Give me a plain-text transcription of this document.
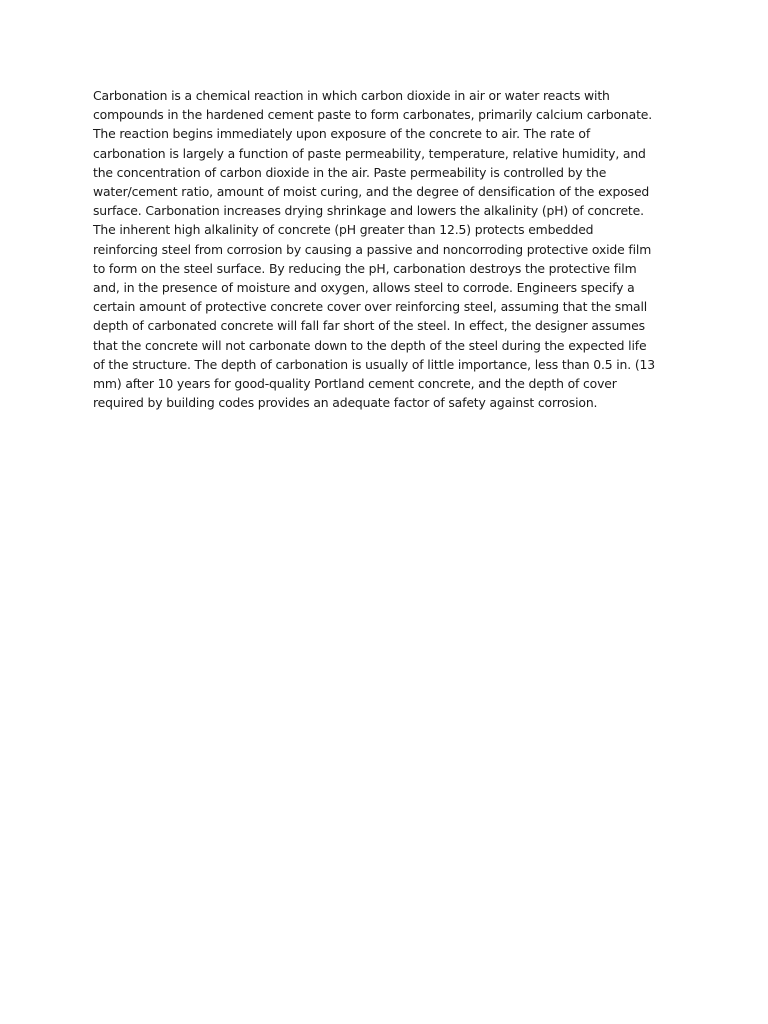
Carbonation is a chemical reaction in which carbon dioxide in air or water reacts with
compounds in the hardened cement paste to form carbonates, primarily calcium carbonate.
The reaction begins immediately upon exposure of the concrete to air. The rate of
carbonation is largely a function of paste permeability, temperature, relative humidity, and
the concentration of carbon dioxide in the air. Paste permeability is controlled by the
water/cement ratio, amount of moist curing, and the degree of densification of the exposed
surface. Carbonation increases drying shrinkage and lowers the alkalinity (pH) of concrete.
The inherent high alkalinity of concrete (pH greater than 12.5) protects embedded
reinforcing steel from corrosion by causing a passive and noncorroding protective oxide film
to form on the steel surface. By reducing the pH, carbonation destroys the protective film
and, in the presence of moisture and oxygen, allows steel to corrode. Engineers specify a
certain amount of protective concrete cover over reinforcing steel, assuming that the small
depth of carbonated concrete will fall far short of the steel. In effect, the designer assumes
that the concrete will not carbonate down to the depth of the steel during the expected life
of the structure. The depth of carbonation is usually of little importance, less than 0.5 in. (13
mm) after 10 years for good-quality Portland cement concrete, and the depth of cover
required by building codes provides an adequate factor of safety against corrosion.
